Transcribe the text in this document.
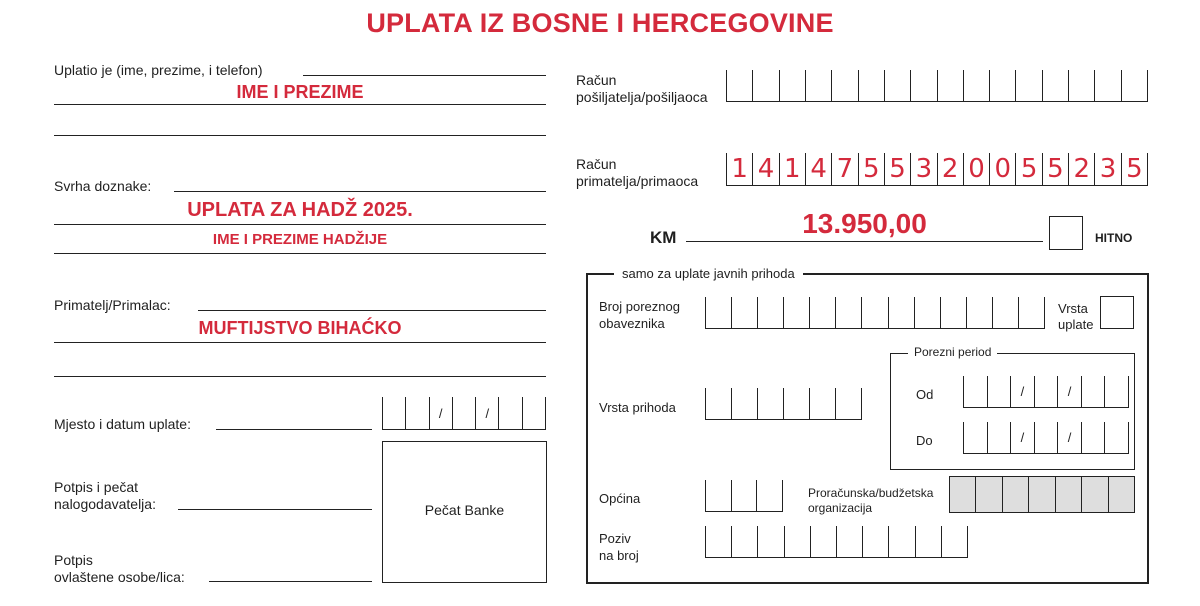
UPLATA IZ BOSNE I HERCEGOVINE
Uplatio je (ime, prezime, i telefon)
IME I PREZIME
Svrha doznake:
UPLATA ZA HADŽ 2025.
IME I PREZIME HADŽIJE
Primatelj/Primalac:
MUFTIJSTVO BIHAĆKO
Mjesto i datum uplate:
/	/
Potpis i pečat
nalogodavatelja:
Potpis
ovlaštene osobe/lica:
Pečat Banke
Račun
pošiljatelja/pošiljaoca
Račun
primatelja/primaoca 1 4 1 4 7 5 5 3 2 0 0 5 5 2 3 5
KM	13.950,00	HITNO
samo za uplate javnih prihoda
Broj poreznog
obaveznika
Vrsta
uplate
Porezni period
Od	/	/
Do	/	/
Vrsta prihoda
Općina	Proračunska/budžetska
organizacija
Poziv
na broj
